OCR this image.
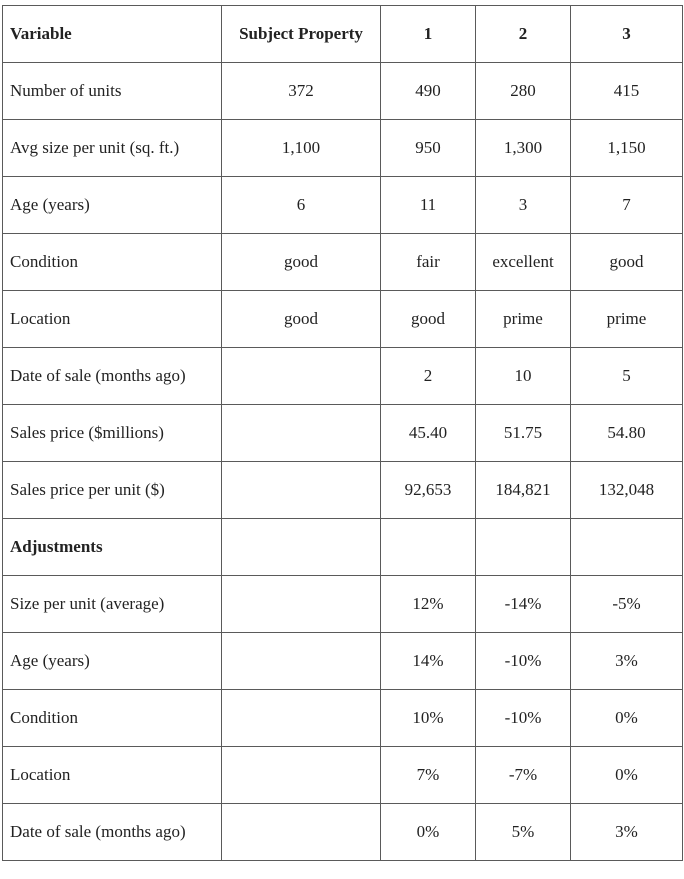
Variable	Subject Property	1	2	3
Number of units	372	490	280	415
Avg size per unit (sq. ft.)	1,100	950	1,300	1,150
Age (years)	6	11	3	7
Condition	good	fair	excellent	good
Location	good	good	prime	prime
Date of sale (months ago)		2	10	5
Sales price ($millions)		45.40	51.75	54.80
Sales price per unit ($)		92,653	184,821	132,048
Adjustments				
Size per unit (average)		12%	-14%	-5%
Age (years)		14%	-10%	3%
Condition		10%	-10%	0%
Location		7%	-7%	0%
Date of sale (months ago)		0%	5%	3%
